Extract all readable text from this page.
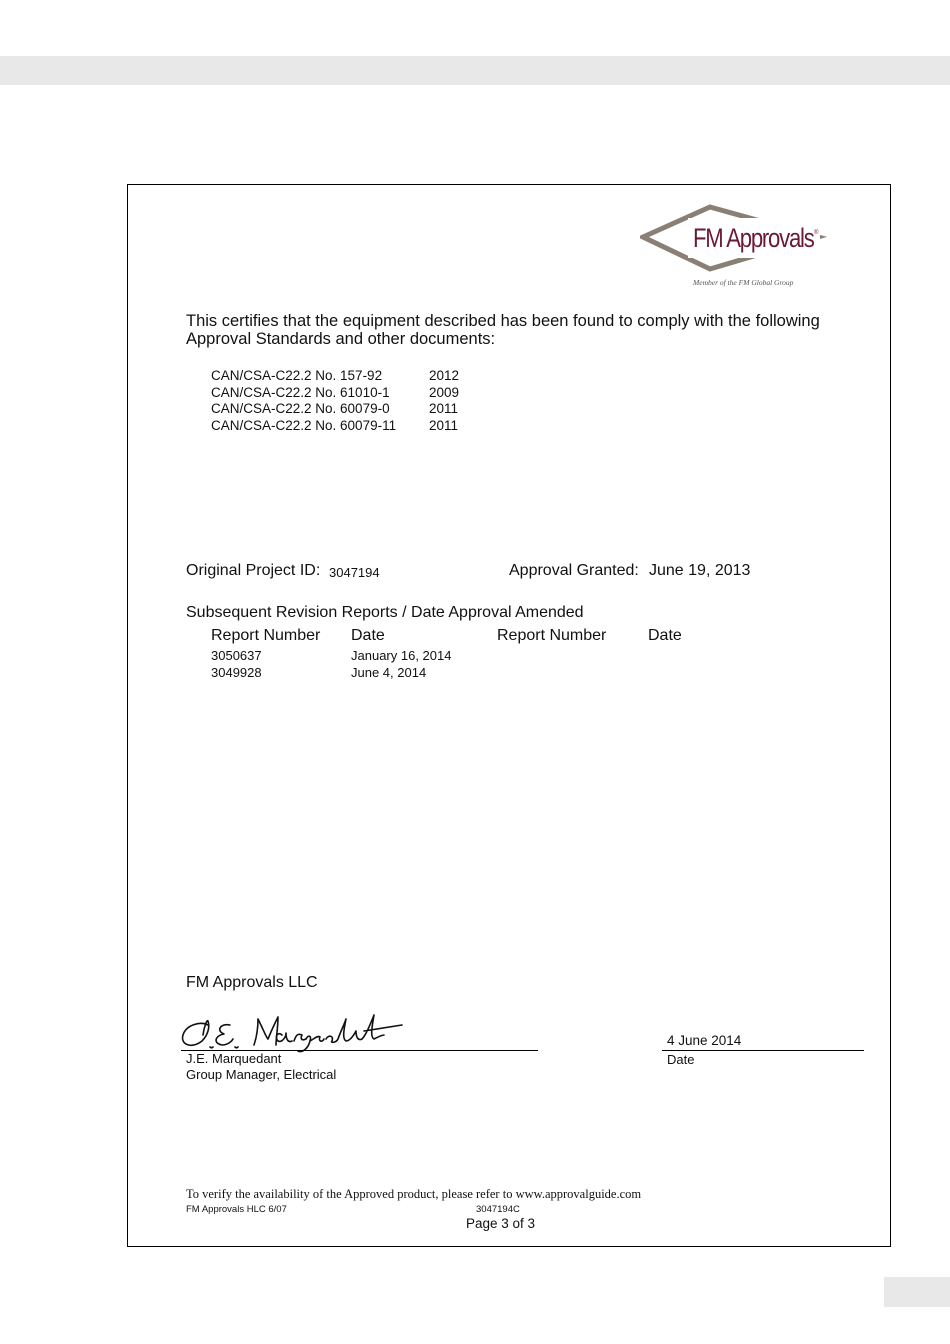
FM Approvals ®
Member of the FM Global Group
This certifies that the equipment described has been found to comply with the following Approval Standards and other documents:
CAN/CSA-C22.2 No. 157-92	2012
CAN/CSA-C22.2 No. 61010-1	2009
CAN/CSA-C22.2 No. 60079-0	2011
CAN/CSA-C22.2 No. 60079-11	2011
Original Project ID: 3047194	Approval Granted: June 19, 2013
Subsequent Revision Reports / Date Approval Amended
Report Number Date	Report Number	Date
3050637	January 16, 2014
3049928	June 4, 2014
FM Approvals LLC
J.E. Marquedant
Group Manager, Electrical
4 June 2014
Date
To verify the availability of the Approved product, please refer to www.approvalguide.com
FM Approvals HLC 6/07	3047194C
Page 3 of 3
